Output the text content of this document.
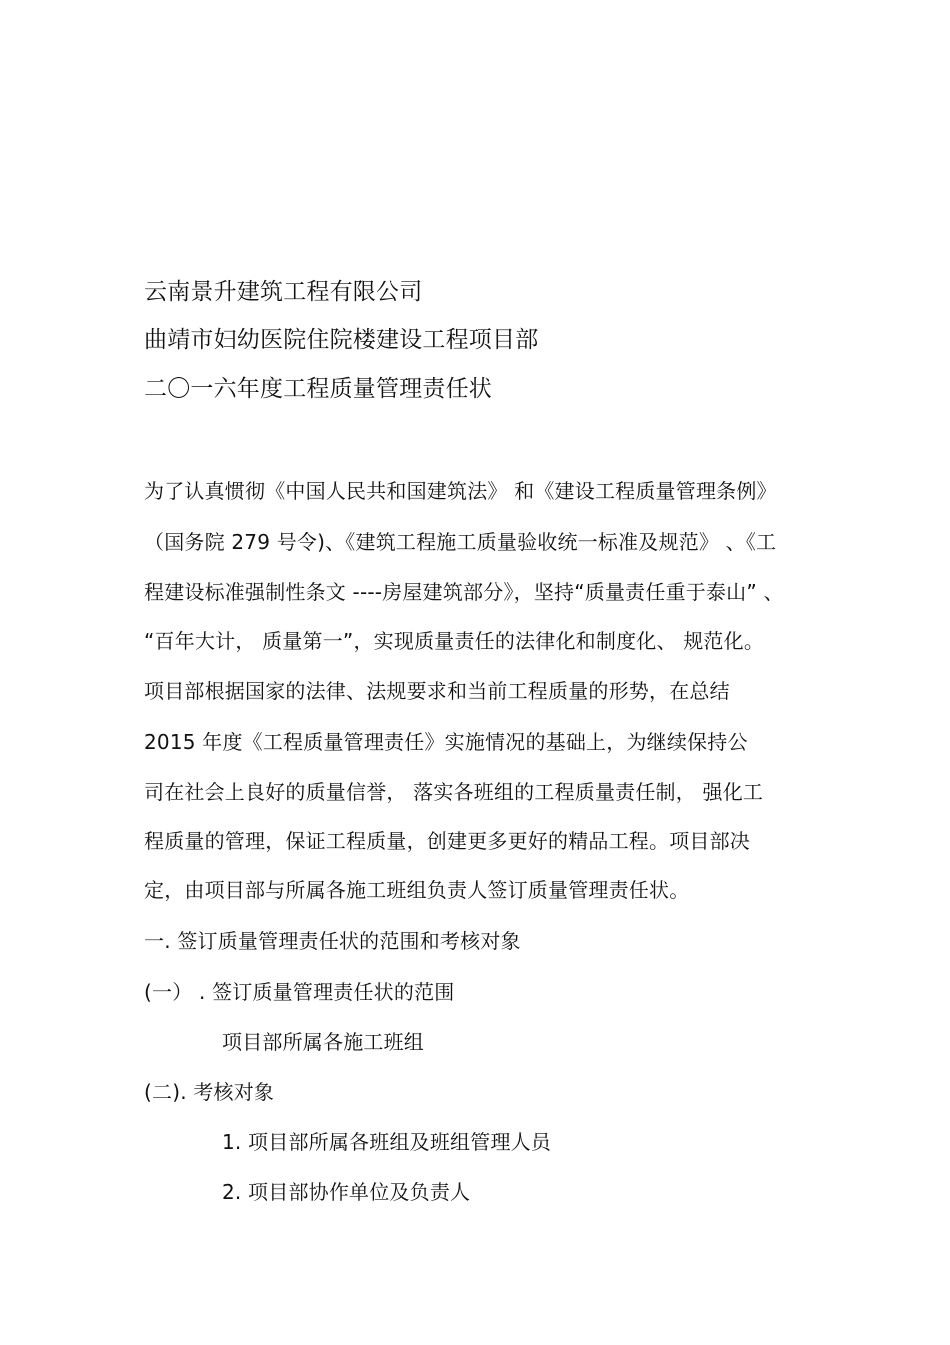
云南景升建筑工程有限公司
曲靖市妇幼医院住院楼建设工程项目部
二〇一六年度工程质量管理责任状
为了认真惯彻《中国人民共和国建筑法》 和《建设工程质量管理条例》
（国务院 279 号令)、《建筑工程施工质量验收统一标准及规范》 、《工
程建设标准强制性条文 ----房屋建筑部分》，坚持“质量责任重于泰山” 、
“百年大计， 质量第一”，实现质量责任的法律化和制度化、 规范化。
项目部根据国家的法律、法规要求和当前工程质量的形势，在总结
2015 年度《工程质量管理责任》实施情况的基础上，为继续保持公
司在社会上良好的质量信誉， 落实各班组的工程质量责任制， 强化工
程质量的管理，保证工程质量，创建更多更好的精品工程。项目部决
定，由项目部与所属各施工班组负责人签订质量管理责任状。
一. 签订质量管理责任状的范围和考核对象
(一） . 签订质量管理责任状的范围
项目部所属各施工班组
(二). 考核对象
1. 项目部所属各班组及班组管理人员
2. 项目部协作单位及负责人
